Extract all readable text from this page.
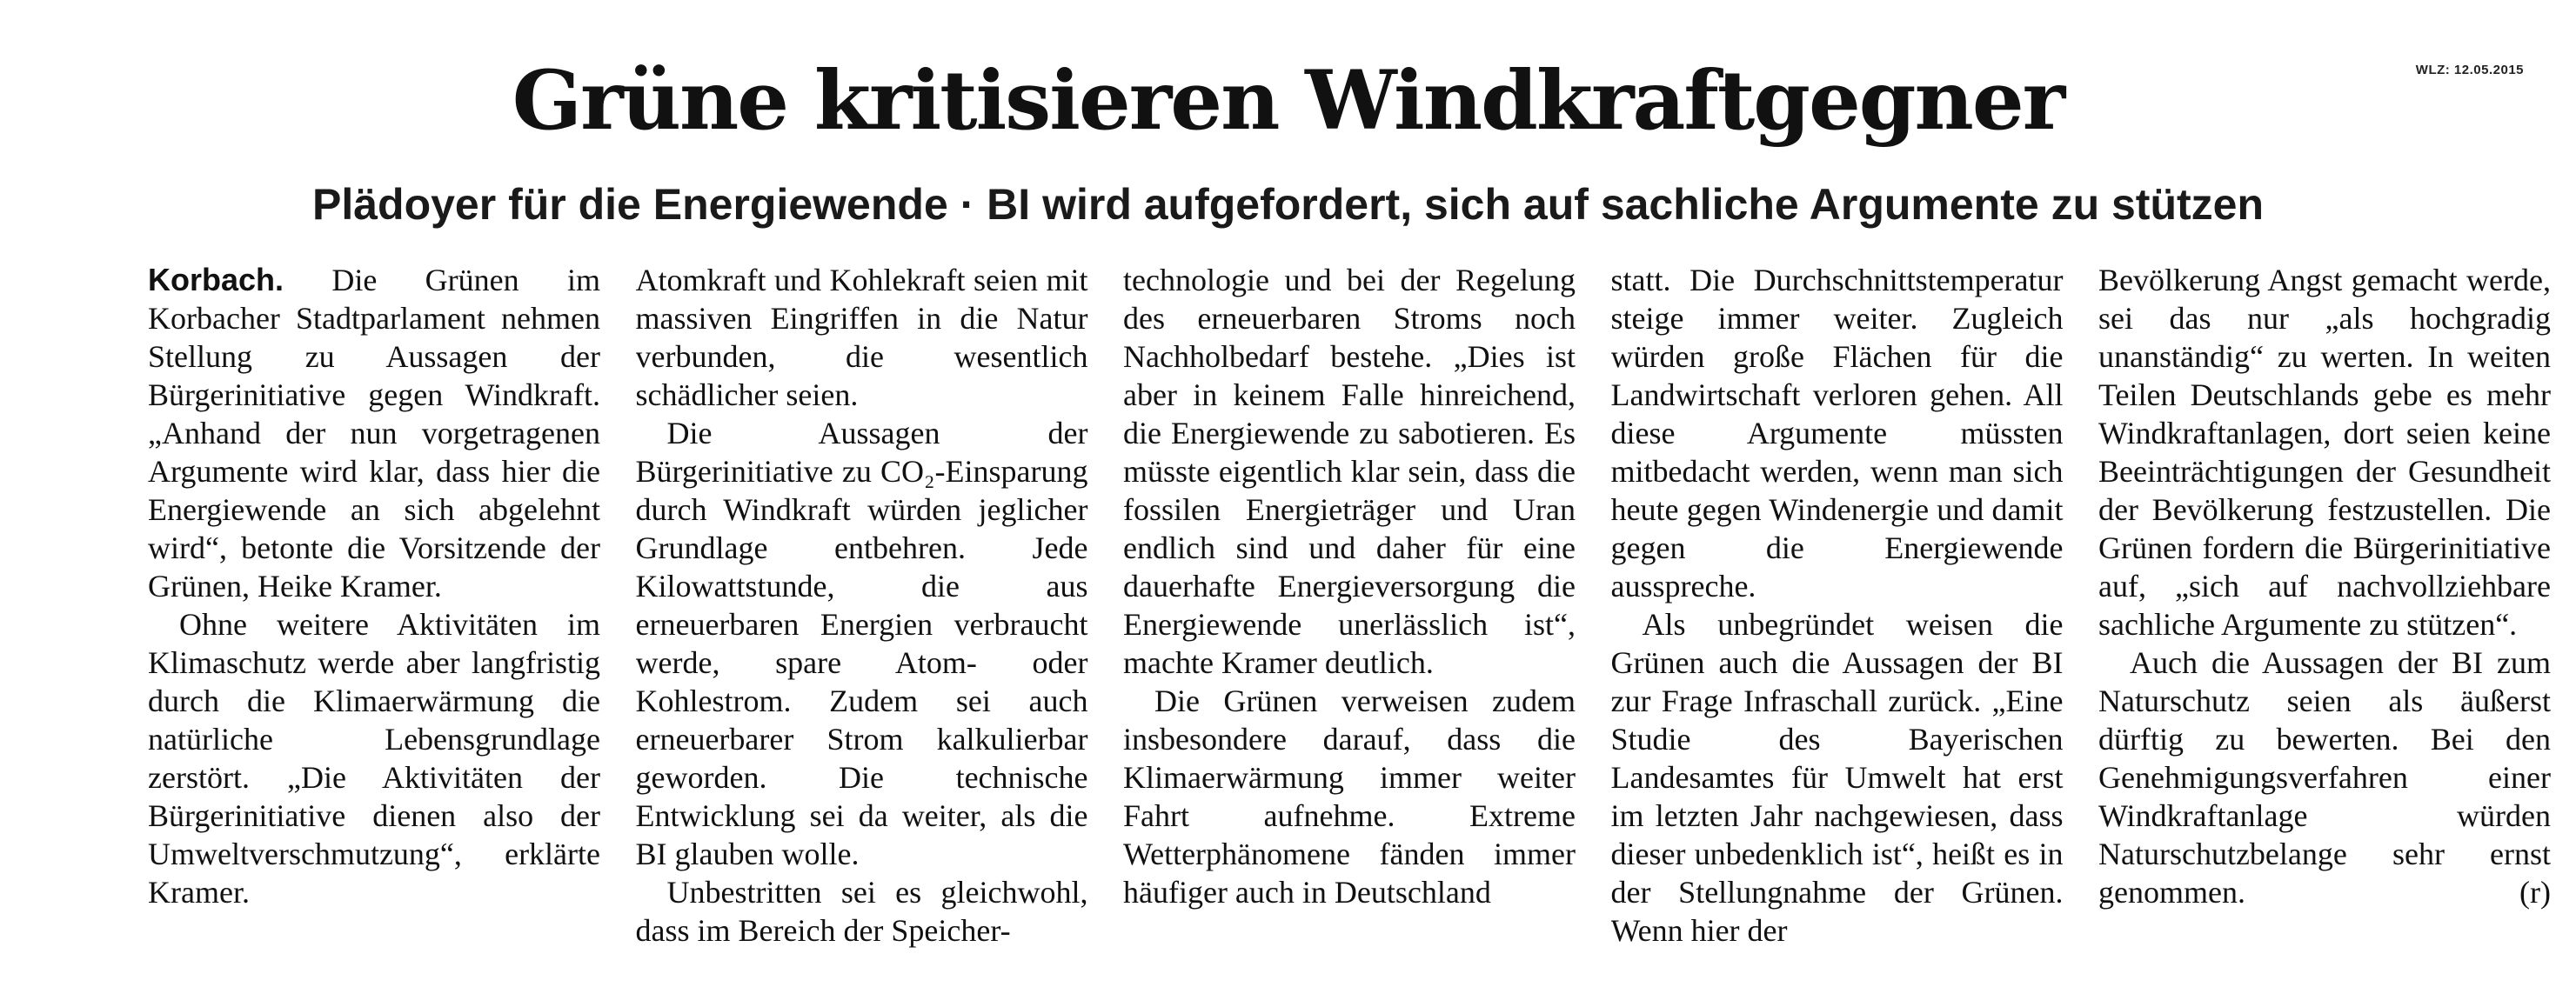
WLZ: 12.05.2015
Grüne kritisieren Windkraftgegner
Plädoyer für die Energiewende · BI wird aufgefordert, sich auf sachliche Argumente zu stützen

Korbach. Die Grünen im Korbacher Stadtparlament nehmen Stellung zu Aussagen der Bürgerinitiative gegen Windkraft. „Anhand der nun vorgetragenen Argumente wird klar, dass hier die Energiewende an sich abgelehnt wird“, betonte die Vorsitzende der Grünen, Heike Kramer.

Ohne weitere Aktivitäten im Klimaschutz werde aber langfristig durch die Klimaerwärmung die natürliche Lebensgrundlage zerstört. „Die Aktivitäten der Bürgerinitiative dienen also der Umweltverschmutzung“, erklärte Kramer.

Atomkraft und Kohlekraft seien mit massiven Eingriffen in die Natur verbunden, die wesentlich schädlicher seien.

Die Aussagen der Bürgerinitiative zu CO₂-Einsparung durch Windkraft würden jeglicher Grundlage entbehren. Jede Kilowattstunde, die aus erneuerbaren Energien verbraucht werde, spare Atom- oder Kohlestrom. Zudem sei auch erneuerbarer Strom kalkulierbar geworden. Die technische Entwicklung sei da weiter, als die BI glauben wolle.

Unbestritten sei es gleichwohl, dass im Bereich der Speicher-

technologie und bei der Regelung des erneuerbaren Stroms noch Nachholbedarf bestehe. „Dies ist aber in keinem Falle hinreichend, die Energiewende zu sabotieren. Es müsste eigentlich klar sein, dass die fossilen Energieträger und Uran endlich sind und daher für eine dauerhafte Energieversorgung die Energiewende unerlässlich ist“, machte Kramer deutlich.

Die Grünen verweisen zudem insbesondere darauf, dass die Klimaerwärmung immer weiter Fahrt aufnehme. Extreme Wetterphänomene fänden immer häufiger auch in Deutschland

statt. Die Durchschnittstemperatur steige immer weiter. Zugleich würden große Flächen für die Landwirtschaft verloren gehen. All diese Argumente müssten mitbedacht werden, wenn man sich heute gegen Windenergie und damit gegen die Energiewende ausspreche.

Als unbegründet weisen die Grünen auch die Aussagen der BI zur Frage Infraschall zurück. „Eine Studie des Bayerischen Landesamtes für Umwelt hat erst im letzten Jahr nachgewiesen, dass dieser unbedenklich ist“, heißt es in der Stellungnahme der Grünen. Wenn hier der

Bevölkerung Angst gemacht werde, sei das nur „als hochgradig unanständig“ zu werten. In weiten Teilen Deutschlands gebe es mehr Windkraftanlagen, dort seien keine Beeinträchtigungen der Gesundheit der Bevölkerung festzustellen. Die Grünen fordern die Bürgerinitiative auf, „sich auf nachvollziehbare sachliche Argumente zu stützen“.

Auch die Aussagen der BI zum Naturschutz seien als äußerst dürftig zu bewerten. Bei den Genehmigungsverfahren einer Windkraftanlage würden Naturschutzbelange sehr ernst genommen.	(r)
